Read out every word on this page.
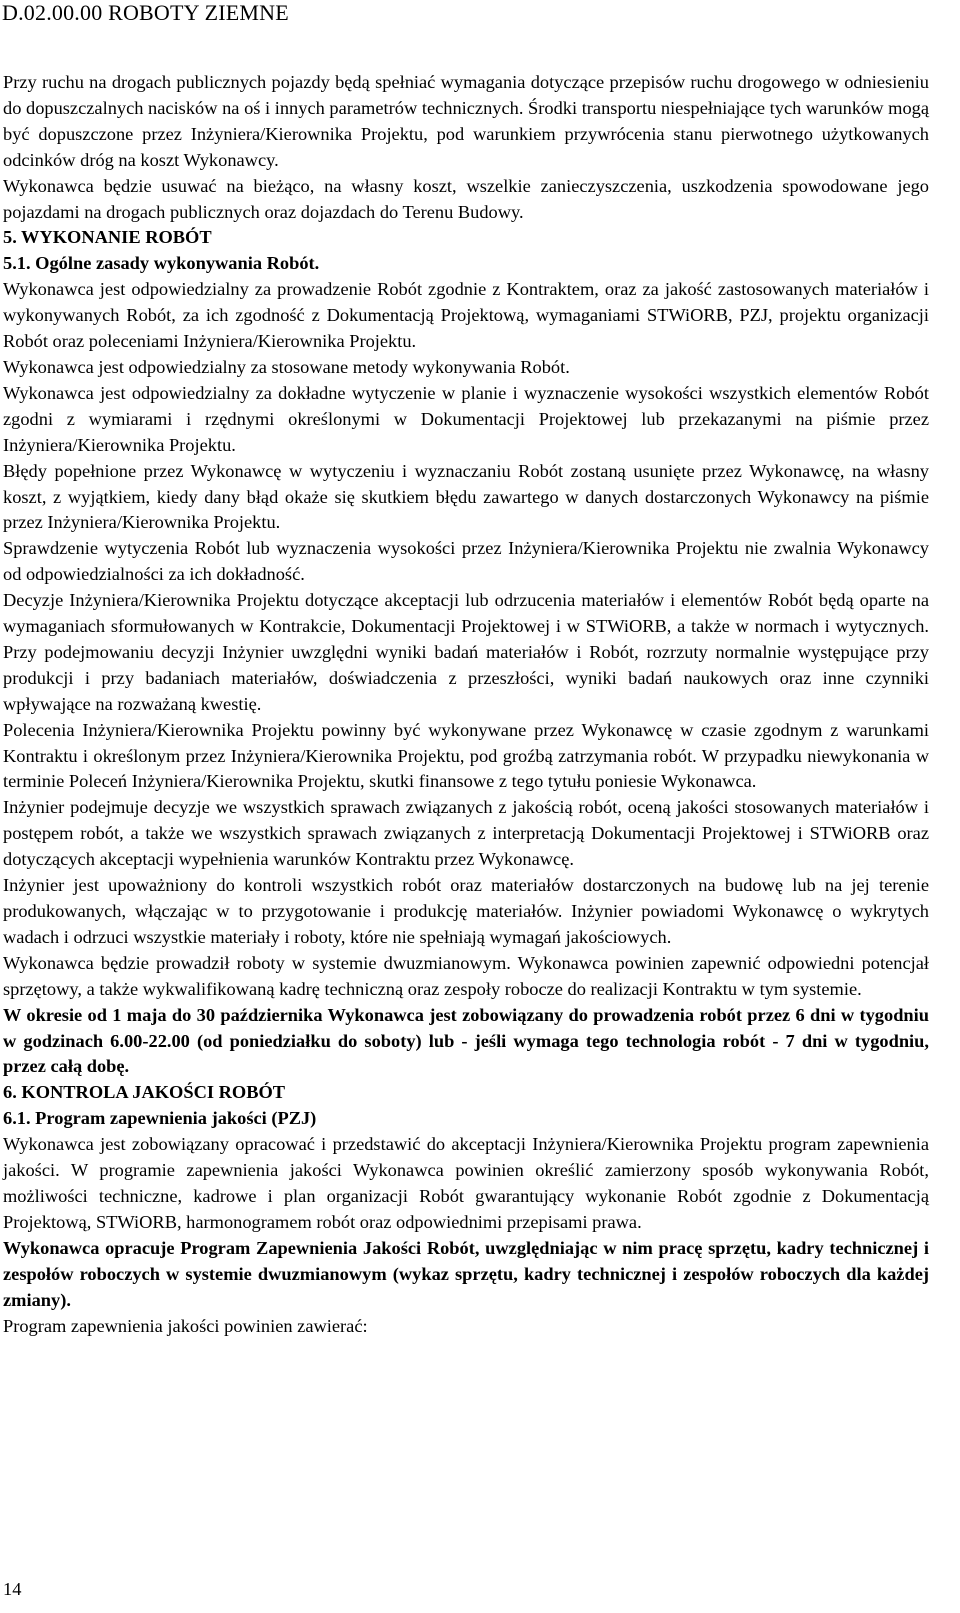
D.02.00.00 ROBOTY ZIEMNE

Przy ruchu na drogach publicznych pojazdy będą spełniać wymagania dotyczące przepisów ruchu drogowego w odniesieniu do dopuszczalnych nacisków na oś i innych parametrów technicznych. Środki transportu niespełniające tych warunków mogą być dopuszczone przez Inżyniera/Kierownika Projektu, pod warunkiem przywrócenia stanu pierwotnego użytkowanych odcinków dróg na koszt Wykonawcy.

Wykonawca będzie usuwać na bieżąco, na własny koszt, wszelkie zanieczyszczenia, uszkodzenia spowodowane jego pojazdami na drogach publicznych oraz dojazdach do Terenu Budowy.

5. WYKONANIE ROBÓT

5.1. Ogólne zasady wykonywania Robót.

Wykonawca jest odpowiedzialny za prowadzenie Robót zgodnie z Kontraktem, oraz za jakość zastosowanych materiałów i wykonywanych Robót, za ich zgodność z Dokumentacją Projektową, wymaganiami STWiORB, PZJ, projektu organizacji Robót oraz poleceniami Inżyniera/Kierownika Projektu.

Wykonawca jest odpowiedzialny za stosowane metody wykonywania Robót.

Wykonawca jest odpowiedzialny za dokładne wytyczenie w planie i wyznaczenie wysokości wszystkich elementów Robót zgodni z wymiarami i rzędnymi określonymi w Dokumentacji Projektowej lub przekazanymi na piśmie przez Inżyniera/Kierownika Projektu.

Błędy popełnione przez Wykonawcę w wytyczeniu i wyznaczaniu Robót zostaną usunięte przez Wykonawcę, na własny koszt, z wyjątkiem, kiedy dany błąd okaże się skutkiem błędu zawartego w danych dostarczonych Wykonawcy na piśmie przez Inżyniera/Kierownika Projektu.

Sprawdzenie wytyczenia Robót lub wyznaczenia wysokości przez Inżyniera/Kierownika Projektu nie zwalnia Wykonawcy od odpowiedzialności za ich dokładność.

Decyzje Inżyniera/Kierownika Projektu dotyczące akceptacji lub odrzucenia materiałów i elementów Robót będą oparte na wymaganiach sformułowanych w Kontrakcie, Dokumentacji Projektowej i w STWiORB, a także w normach i wytycznych. Przy podejmowaniu decyzji Inżynier uwzględni wyniki badań materiałów i Robót, rozrzuty normalnie występujące przy produkcji i przy badaniach materiałów, doświadczenia z przeszłości, wyniki badań naukowych oraz inne czynniki wpływające na rozważaną kwestię.

Polecenia Inżyniera/Kierownika Projektu powinny być wykonywane przez Wykonawcę w czasie zgodnym z warunkami Kontraktu i określonym przez Inżyniera/Kierownika Projektu, pod groźbą zatrzymania robót. W przypadku niewykonania w terminie Poleceń Inżyniera/Kierownika Projektu, skutki finansowe z tego tytułu poniesie Wykonawca.

Inżynier podejmuje decyzje we wszystkich sprawach związanych z jakością robót, oceną jakości stosowanych materiałów i postępem robót, a także we wszystkich sprawach związanych z interpretacją Dokumentacji Projektowej i STWiORB oraz dotyczących akceptacji wypełnienia warunków Kontraktu przez Wykonawcę.

Inżynier jest upoważniony do kontroli wszystkich robót oraz materiałów dostarczonych na budowę lub na jej terenie produkowanych, włączając w to przygotowanie i produkcję materiałów. Inżynier powiadomi Wykonawcę o wykrytych wadach i odrzuci wszystkie materiały i roboty, które nie spełniają wymagań jakościowych.

Wykonawca będzie prowadził roboty w systemie dwuzmianowym. Wykonawca powinien zapewnić odpowiedni potencjał sprzętowy, a także wykwalifikowaną kadrę techniczną oraz zespoły robocze do realizacji Kontraktu w tym systemie.

W okresie od 1 maja do 30 października Wykonawca jest zobowiązany do prowadzenia robót przez 6 dni w tygodniu w godzinach 6.00-22.00 (od poniedziałku do soboty) lub - jeśli wymaga tego technologia robót - 7 dni w tygodniu, przez całą dobę.

6. KONTROLA JAKOŚCI ROBÓT

6.1. Program zapewnienia jakości (PZJ)

Wykonawca jest zobowiązany opracować i przedstawić do akceptacji Inżyniera/Kierownika Projektu program zapewnienia jakości. W programie zapewnienia jakości Wykonawca powinien określić zamierzony sposób wykonywania Robót, możliwości techniczne, kadrowe i plan organizacji Robót gwarantujący wykonanie Robót zgodnie z Dokumentacją Projektową, STWiORB, harmonogramem robót oraz odpowiednimi przepisami prawa.

Wykonawca opracuje Program Zapewnienia Jakości Robót, uwzględniając w nim pracę sprzętu, kadry technicznej i zespołów roboczych w systemie dwuzmianowym (wykaz sprzętu, kadry technicznej i zespołów roboczych dla każdej zmiany).

Program zapewnienia jakości powinien zawierać:

14
